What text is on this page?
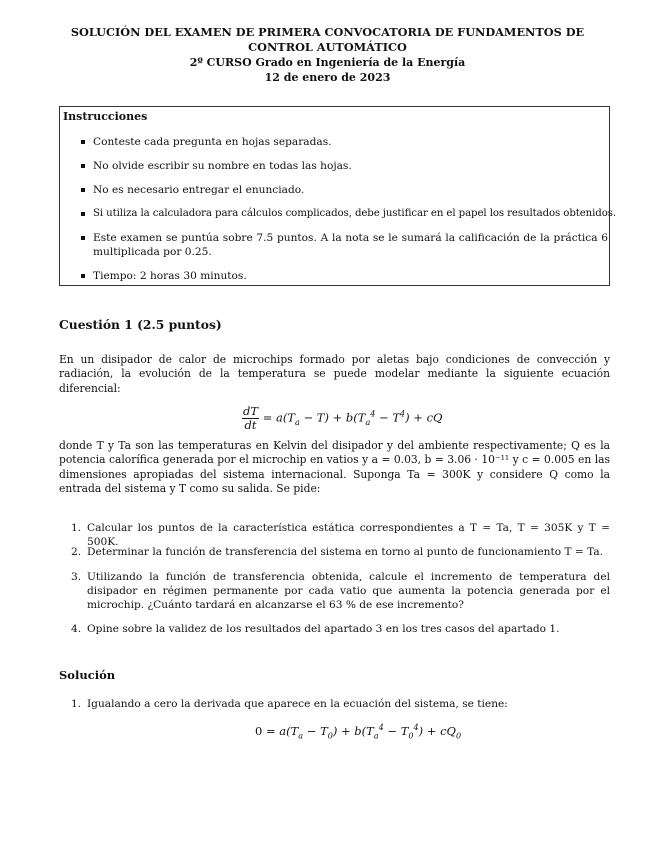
SOLUCIÓN DEL EXAMEN DE PRIMERA CONVOCATORIA DE FUNDAMENTOS DE CONTROL AUTOMÁTICO
2º CURSO Grado en Ingeniería de la Energía
12 de enero de 2023
Instrucciones
Conteste cada pregunta en hojas separadas.
No olvide escribir su nombre en todas las hojas.
No es necesario entregar el enunciado.
Si utiliza la calculadora para cálculos complicados, debe justificar en el papel los resultados obtenidos.
Este examen se puntúa sobre 7.5 puntos. A la nota se le sumará la calificación de la práctica 6 multiplicada por 0.25.
Tiempo: 2 horas 30 minutos.
Cuestión 1 (2.5 puntos)
En un disipador de calor de microchips formado por aletas bajo condiciones de convección y radiación, la evolución de la temperatura se puede modelar mediante la siguiente ecuación diferencial:
$\frac{dT}{dt} = a(T_a - T) + b(T_a^4 - T^4)$ + cQ
donde T y Ta son las temperaturas en Kelvin del disipador y del ambiente respectivamente; Q es la potencia calorífica generada por el microchip en vatios y a = 0.03, b = 3.06 · 10⁻¹¹ y c = 0.005 en las dimensiones apropiadas del sistema internacional. Suponga Ta = 300K y considere Q como la entrada del sistema y T como su salida. Se pide:
1. Calcular los puntos de la característica estática correspondientes a T = Ta, T = 305K y T = 500K.
2. Determinar la función de transferencia del sistema en torno al punto de funcionamiento T = Ta.
3. Utilizando la función de transferencia obtenida, calcule el incremento de temperatura del disipador en régimen permanente por cada vatio que aumenta la potencia generada por el microchip. ¿Cuánto tardará en alcanzarse el 63 % de ese incremento?
4. Opine sobre la validez de los resultados del apartado 3 en los tres casos del apartado 1.
Solución
1. Igualando a cero la derivada que aparece en la ecuación del sistema, se tiene:
$0 = a(T_a - T_0) + b(T_a^4 - T_0^4) + cQ_0$
